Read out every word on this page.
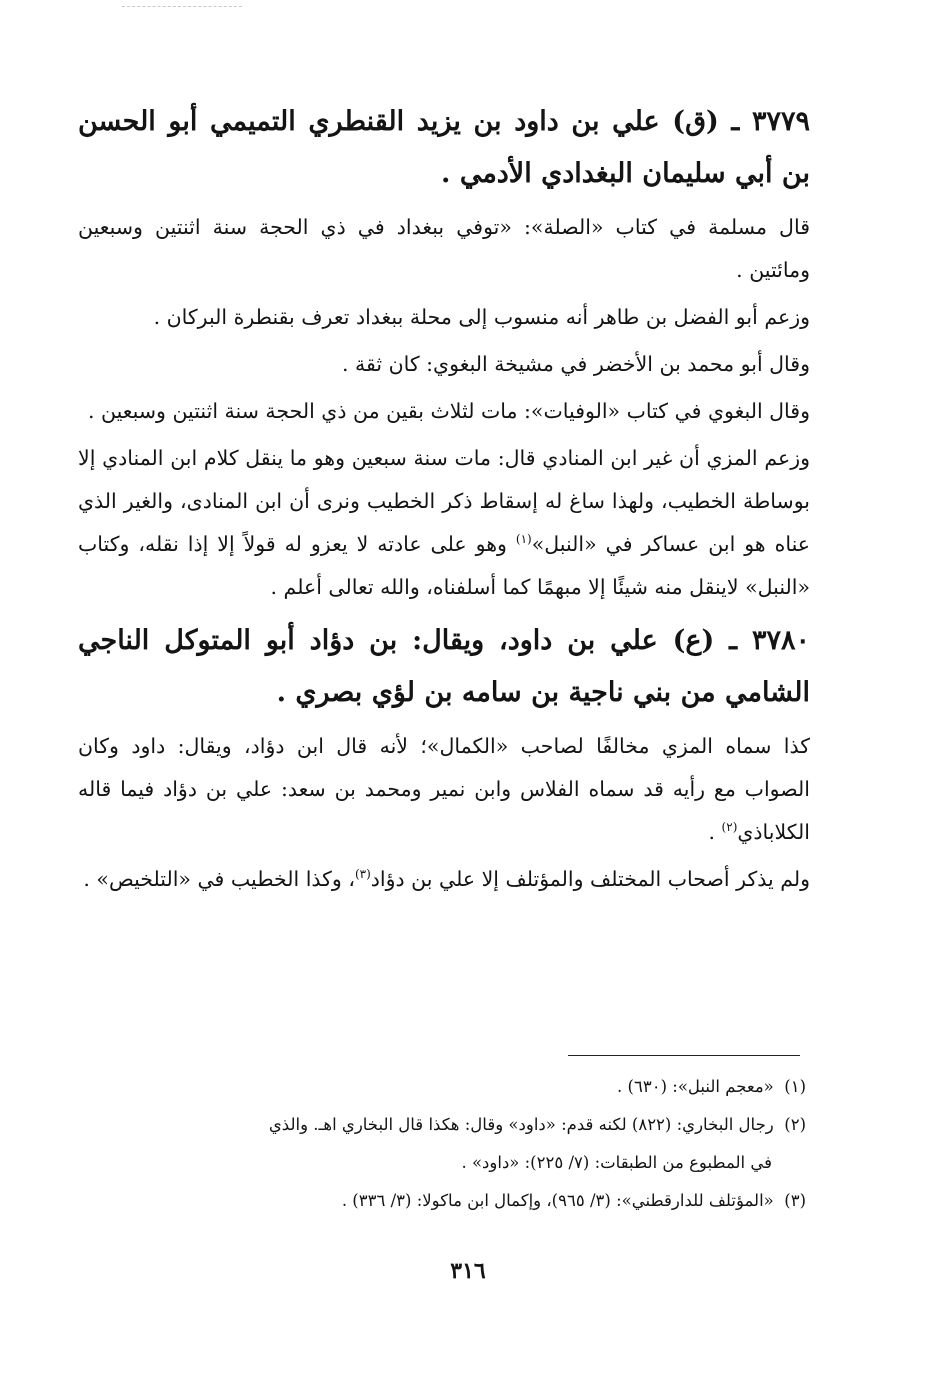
٣٧٧٩ ـ (ق) علي بن داود بن يزيد القنطري التميمي أبو الحسن بن أبي سليمان البغدادي الأدمي .

قال مسلمة في كتاب «الصلة»: «توفي ببغداد في ذي الحجة سنة اثنتين وسبعين ومائتين .

وزعم أبو الفضل بن طاهر أنه منسوب إلى محلة ببغداد تعرف بقنطرة البركان .

وقال أبو محمد بن الأخضر في مشيخة البغوي: كان ثقة .

وقال البغوي في كتاب «الوفيات»: مات لثلاث بقين من ذي الحجة سنة اثنتين وسبعين .

وزعم المزي أن غير ابن المنادي قال: مات سنة سبعين وهو ما ينقل كلام ابن المنادي إلا بوساطة الخطيب، ولهذا ساغ له إسقاط ذكر الخطيب ونرى أن ابن المنادى، والغير الذي عناه هو ابن عساكر في «النبل»$^{(١)}$ وهو على عادته لا يعزو له قولاً إلا إذا نقله، وكتاب «النبل» لاينقل منه شيئًا إلا مبهمًا كما أسلفناه، والله تعالى أعلم .

٣٧٨٠ ـ (ع) علي بن داود، ويقال: بن دؤاد أبو المتوكل الناجي الشامي من بني ناجية بن سامه بن لؤي بصري .

كذا سماه المزي مخالفًا لصاحب «الكمال»؛ لأنه قال ابن دؤاد، ويقال: داود وكان الصواب مع رأيه قد سماه الفلاس وابن نمير ومحمد بن سعد: علي بن دؤاد فيما قاله الكلاباذي$^{(٢)}$ .

ولم يذكر أصحاب المختلف والمؤتلف إلا علي بن دؤاد$^{(٣)}$، وكذا الخطيب في «التلخيص» .

(١)  «معجم النبل»: (٦٣٠) .

(٢)  رجال البخاري: (٨٢٢) لكنه قدم: «داود» وقال: هكذا قال البخاري اهـ. والذي

في المطبوع من الطبقات: (٧/ ٢٢٥): «داود» .

(٣)  «المؤتلف للدارقطني»: (٣/ ٩٦٥)، وإكمال ابن ماكولا: (٣/ ٣٣٦) .

٣١٦
